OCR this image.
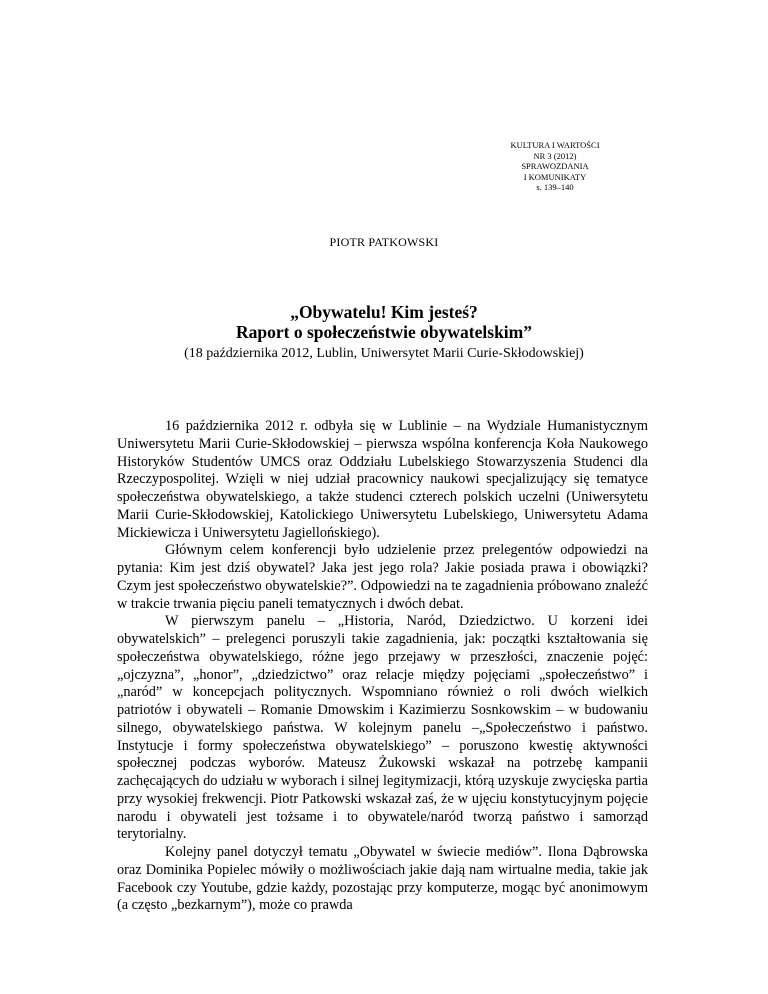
KULTURA I WARTOŚCI
NR 3 (2012)
SPRAWOZDANIA
I KOMUNIKATY
s. 139–140
PIOTR PATKOWSKI
„Obywatelu! Kim jesteś?
Raport o społeczeństwie obywatelskim”
(18 października 2012, Lublin, Uniwersytet Marii Curie-Skłodowskiej)

16 października 2012 r. odbyła się w Lublinie – na Wydziale Humanistycznym Uniwersytetu Marii Curie-Skłodowskiej – pierwsza wspólna konferencja Koła Naukowego Historyków Studentów UMCS oraz Oddziału Lubelskiego Stowarzyszenia Studenci dla Rzeczypospolitej. Wzięli w niej udział pracownicy naukowi specjalizujący się tematyce społeczeństwa obywatelskiego, a także studenci czterech polskich uczelni (Uniwersytetu Marii Curie-Skłodowskiej, Katolickiego Uniwersytetu Lubelskiego, Uniwersytetu Adama Mickiewicza i Uniwersytetu Jagiellońskiego).

Głównym celem konferencji było udzielenie przez prelegentów odpowiedzi na pytania: Kim jest dziś obywatel? Jaka jest jego rola? Jakie posiada prawa i obowiązki? Czym jest społeczeństwo obywatelskie?”. Odpowiedzi na te zagadnienia próbowano znaleźć w trakcie trwania pięciu paneli tematycznych i dwóch debat.

W pierwszym panelu – „Historia, Naród, Dziedzictwo. U korzeni idei obywatelskich” – prelegenci poruszyli takie zagadnienia, jak: początki kształtowania się społeczeństwa obywatelskiego, różne jego przejawy w przeszłości, znaczenie pojęć: „ojczyzna”, „honor”, „dziedzictwo” oraz relacje między pojęciami „społeczeństwo” i „naród” w koncepcjach politycznych. Wspomniano również o roli dwóch wielkich patriotów i obywateli – Romanie Dmowskim i Kazimierzu Sosnkowskim – w budowaniu silnego, obywatelskiego państwa. W kolejnym panelu –„Społeczeństwo i państwo. Instytucje i formy społeczeństwa obywatelskiego” – poruszono kwestię aktywności społecznej podczas wyborów. Mateusz Żukowski wskazał na potrzebę kampanii zachęcających do udziału w wyborach i silnej legitymizacji, którą uzyskuje zwycięska partia przy wysokiej frekwencji. Piotr Patkowski wskazał zaś, że w ujęciu konstytucyjnym pojęcie narodu i obywateli jest tożsame i to obywatele/naród tworzą państwo i samorząd terytorialny.

Kolejny panel dotyczył tematu „Obywatel w świecie mediów”. Ilona Dąbrowska oraz Dominika Popielec mówiły o możliwościach jakie dają nam wirtualne media, takie jak Facebook czy Youtube, gdzie każdy, pozostając przy komputerze, mogąc być anonimowym (a często „bezkarnym”), może co prawda
